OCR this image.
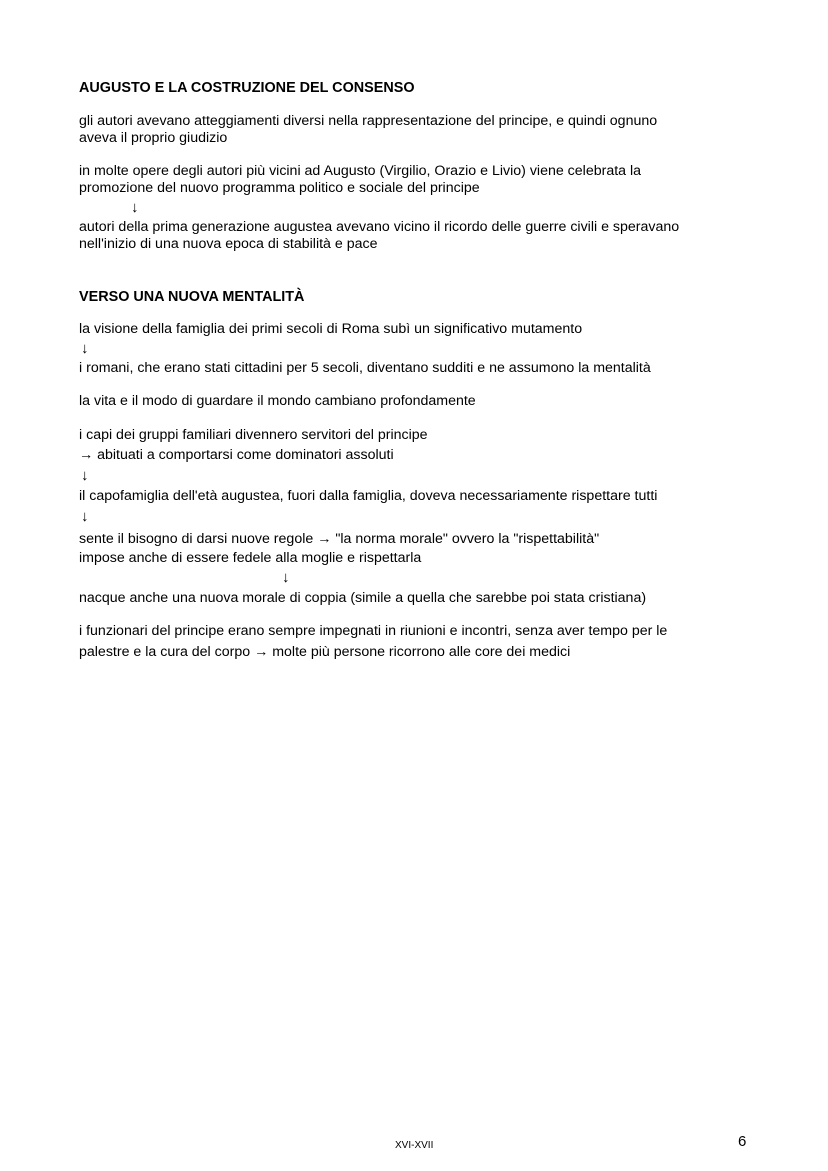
AUGUSTO E LA COSTRUZIONE DEL CONSENSO
gli autori avevano atteggiamenti diversi nella rappresentazione del principe, e quindi ognuno
aveva il proprio giudizio
in molte opere degli autori più vicini ad Augusto (Virgilio, Orazio e Livio) viene celebrata la
promozione del nuovo programma politico e sociale del principe
↓
autori della prima generazione augustea avevano vicino il ricordo delle guerre civili e speravano
nell'inizio di una nuova epoca di stabilità e pace
VERSO UNA NUOVA MENTALITÀ
la visione della famiglia dei primi secoli di Roma subì un significativo mutamento
↓
i romani, che erano stati cittadini per 5 secoli, diventano sudditi e ne assumono la mentalità
la vita e il modo di guardare il mondo cambiano profondamente
i capi dei gruppi familiari divennero servitori del principe
→ abituati a comportarsi come dominatori assoluti
↓
il capofamiglia dell'età augustea, fuori dalla famiglia, doveva necessariamente rispettare tutti
↓
sente il bisogno di darsi nuove regole → "la norma morale" ovvero la "rispettabilità"
impose anche di essere fedele alla moglie e rispettarla
↓
nacque anche una nuova morale di coppia (simile a quella che sarebbe poi stata cristiana)
i funzionari del principe erano sempre impegnati in riunioni e incontri, senza aver tempo per le
palestre e la cura del corpo → molte più persone ricorrono alle core dei medici
XVI-XVII	6
